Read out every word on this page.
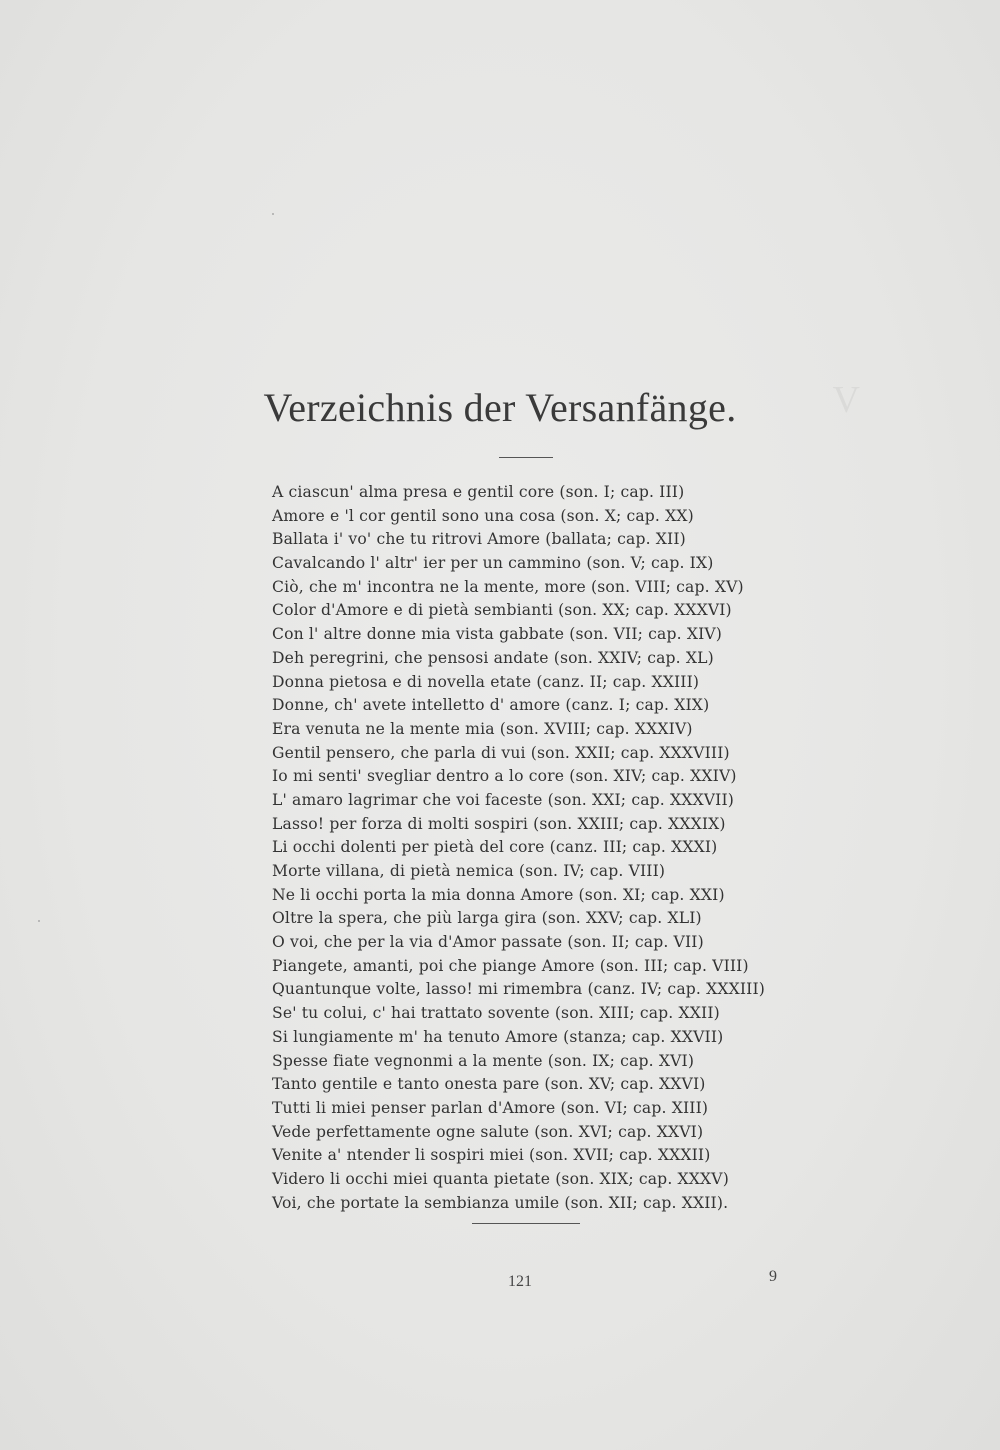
V
Verzeichnis der Versanfänge.
A ciascun' alma presa e gentil core (son. I; cap. III)
Amore e 'l cor gentil sono una cosa (son. X; cap. XX)
Ballata i' vo' che tu ritrovi Amore (ballata; cap. XII)
Cavalcando l' altr' ier per un cammino (son. V; cap. IX)
Ciò, che m' incontra ne la mente, more (son. VIII; cap. XV)
Color d'Amore e di pietà sembianti (son. XX; cap. XXXVI)
Con l' altre donne mia vista gabbate (son. VII; cap. XIV)
Deh peregrini, che pensosi andate (son. XXIV; cap. XL)
Donna pietosa e di novella etate (canz. II; cap. XXIII)
Donne, ch' avete intelletto d' amore (canz. I; cap. XIX)
Era venuta ne la mente mia (son. XVIII; cap. XXXIV)
Gentil pensero, che parla di vui (son. XXII; cap. XXXVIII)
Io mi senti' svegliar dentro a lo core (son. XIV; cap. XXIV)
L' amaro lagrimar che voi faceste (son. XXI; cap. XXXVII)
Lasso! per forza di molti sospiri (son. XXIII; cap. XXXIX)
Li occhi dolenti per pietà del core (canz. III; cap. XXXI)
Morte villana, di pietà nemica (son. IV; cap. VIII)
Ne li occhi porta la mia donna Amore (son. XI; cap. XXI)
Oltre la spera, che più larga gira (son. XXV; cap. XLI)
O voi, che per la via d'Amor passate (son. II; cap. VII)
Piangete, amanti, poi che piange Amore (son. III; cap. VIII)
Quantunque volte, lasso! mi rimembra (canz. IV; cap. XXXIII)
Se' tu colui, c' hai trattato sovente (son. XIII; cap. XXII)
Si lungiamente m' ha tenuto Amore (stanza; cap. XXVII)
Spesse fiate vegnonmi a la mente (son. IX; cap. XVI)
Tanto gentile e tanto onesta pare (son. XV; cap. XXVI)
Tutti li miei penser parlan d'Amore (son. VI; cap. XIII)
Vede perfettamente ogne salute (son. XVI; cap. XXVI)
Venite a' ntender li sospiri miei (son. XVII; cap. XXXII)
Videro li occhi miei quanta pietate (son. XIX; cap. XXXV)
Voi, che portate la sembianza umile (son. XII; cap. XXII).
121	9
